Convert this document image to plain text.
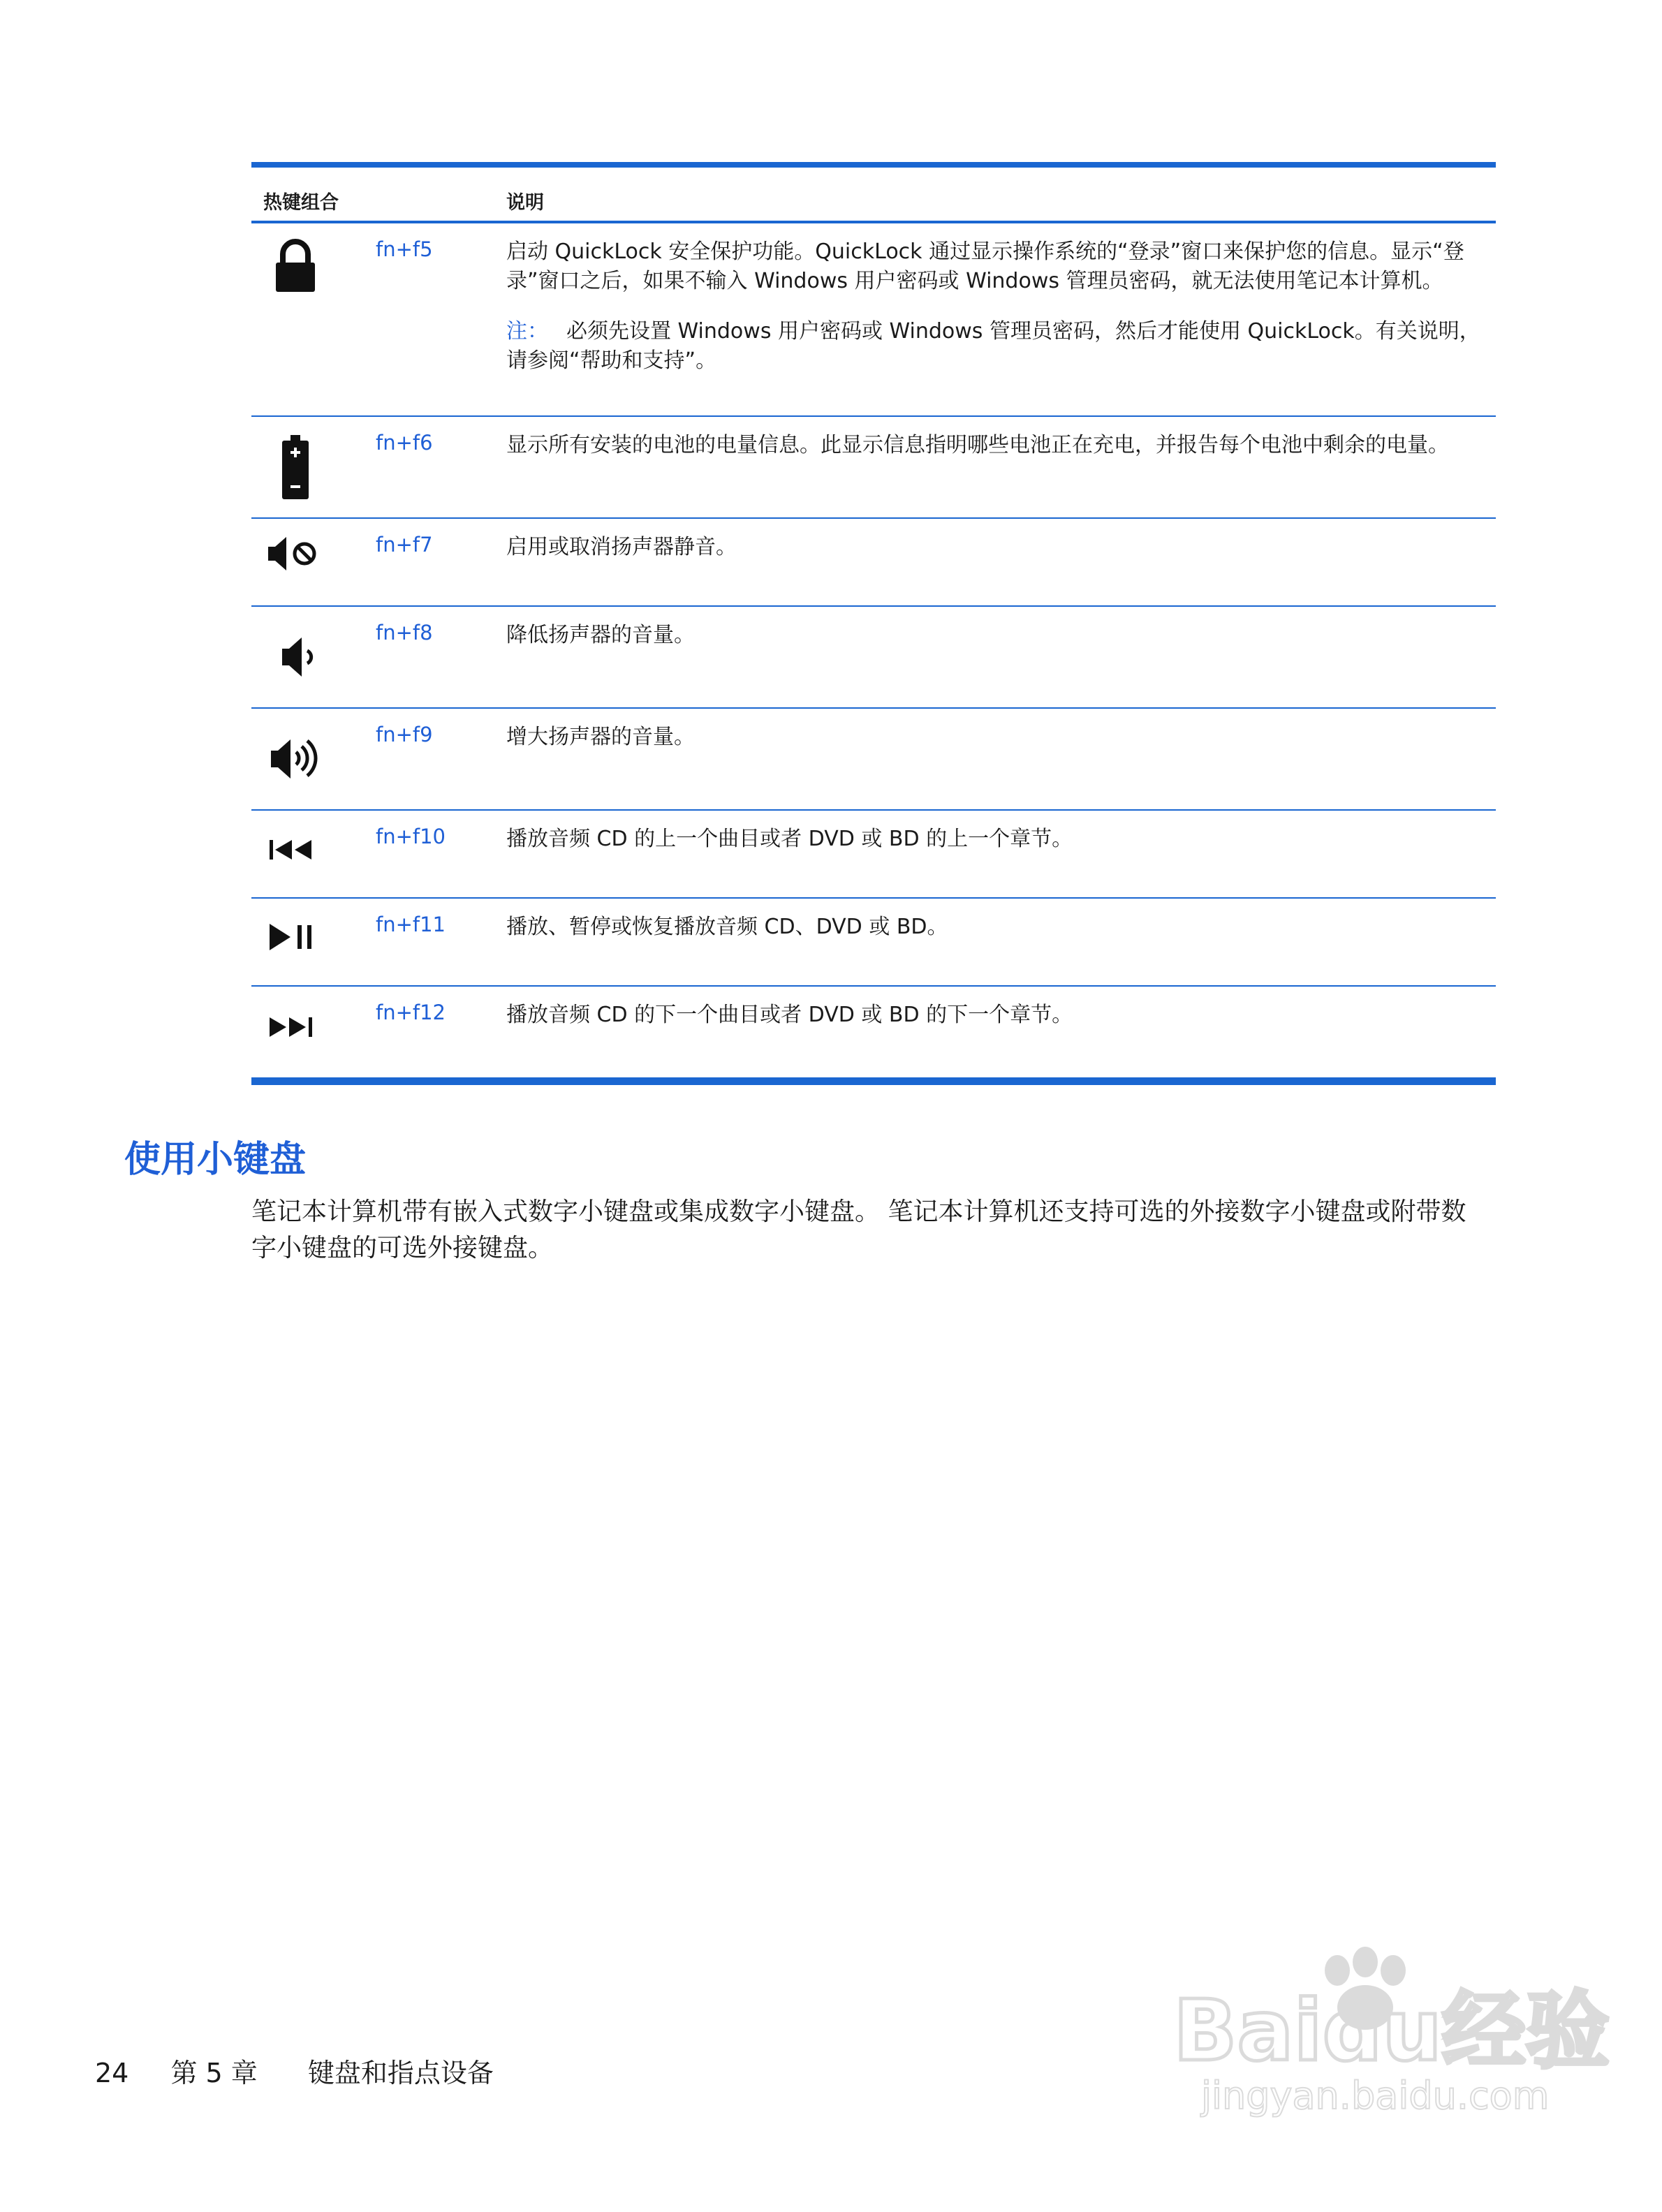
热键组合	说明
fn+f5	启动 QuickLock 安全保护功能。QuickLock 通过显示操作系统的“登录”窗口来保护您的信息。显示“登录”窗口之后，如果不输入 Windows 用户密码或 Windows 管理员密码，就无法使用笔记本计算机。
注： 必须先设置 Windows 用户密码或 Windows 管理员密码，然后才能使用 QuickLock。有关说明，请参阅“帮助和支持”。
fn+f6	显示所有安装的电池的电量信息。此显示信息指明哪些电池正在充电，并报告每个电池中剩余的电量。
fn+f7	启用或取消扬声器静音。
fn+f8	降低扬声器的音量。
fn+f9	增大扬声器的音量。
fn+f10	播放音频 CD 的上一个曲目或者 DVD 或 BD 的上一个章节。
fn+f11	播放、暂停或恢复播放音频 CD、DVD 或 BD。
fn+f12	播放音频 CD 的下一个曲目或者 DVD 或 BD 的下一个章节。
使用小键盘
笔记本计算机带有嵌入式数字小键盘或集成数字小键盘。 笔记本计算机还支持可选的外接数字小键盘或附带数字小键盘的可选外接键盘。
24 第 5 章 键盘和指点设备	Baidu经验
jingyan.baidu.com
